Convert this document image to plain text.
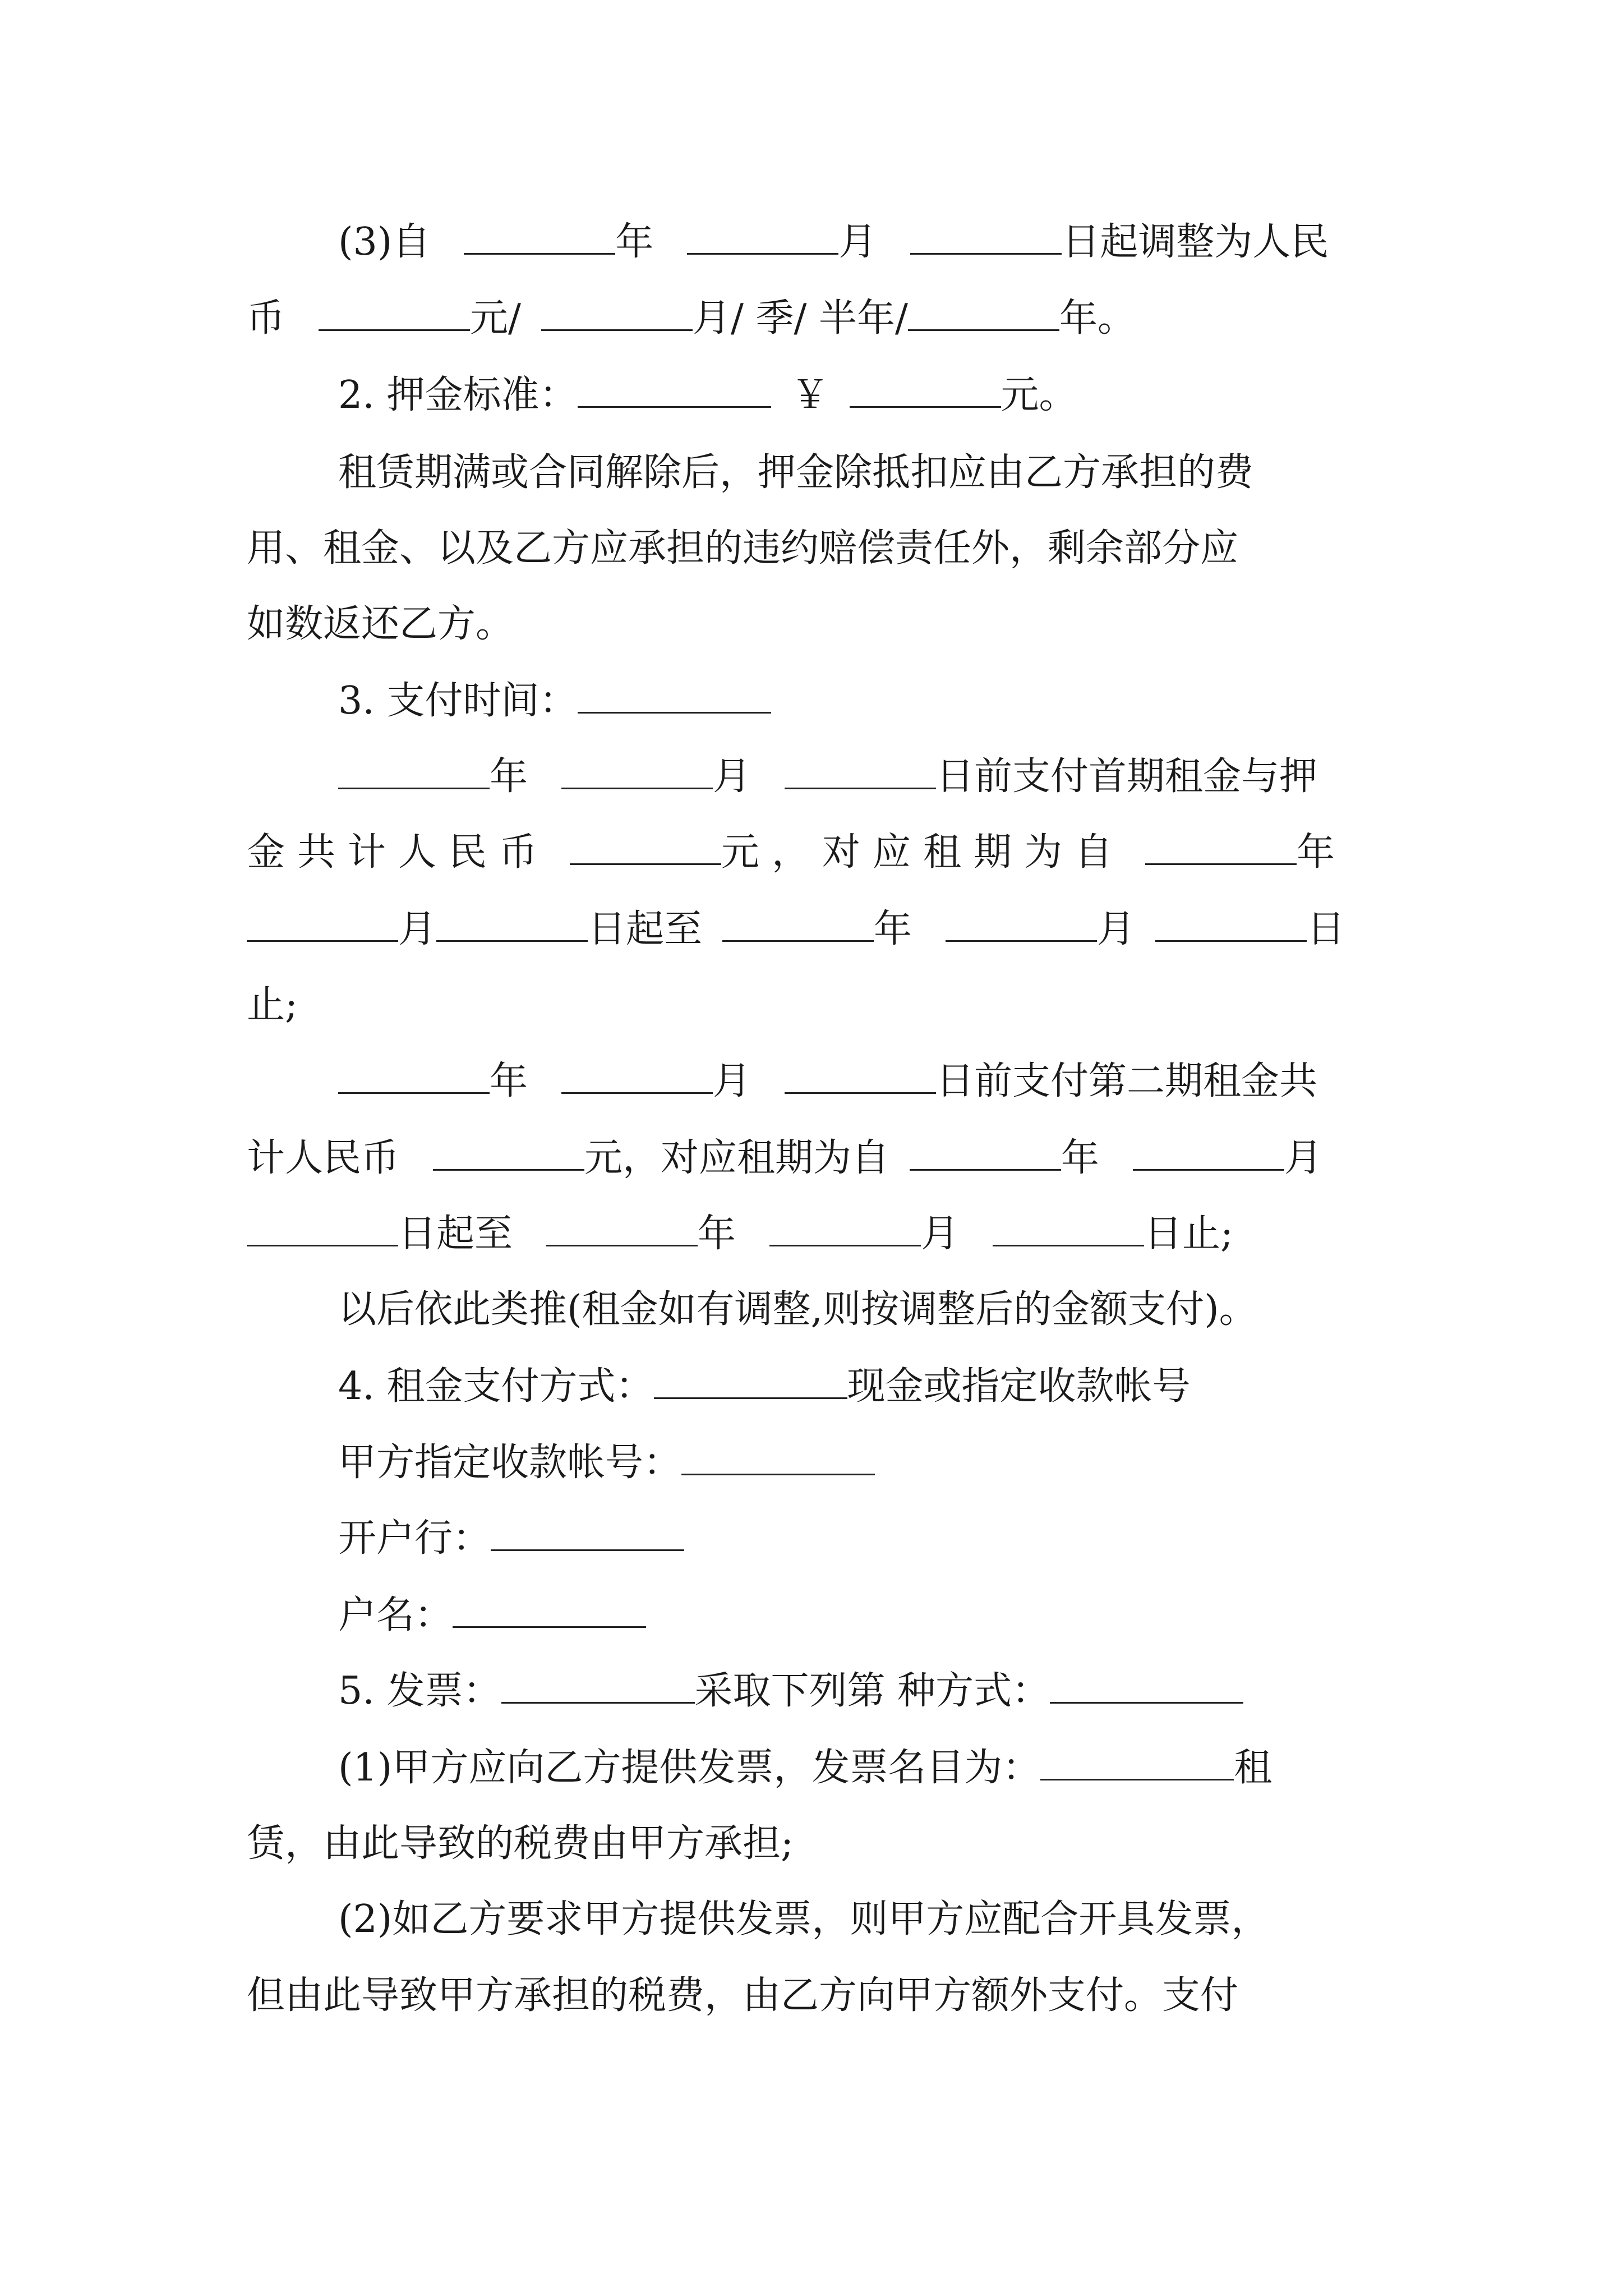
(3)自	年	月	日起调整为人民
币	元/	月/ 季/ 半年/	年。
2. 押金标准：	￥	元。
租赁期满或合同解除后，押金除抵扣应由乙方承担的费
用、租金、以及乙方应承担的违约赔偿责任外，剩余部分应
如数返还乙方。
3. 支付时间：
年	月	日前支付首期租金与押
金共计人民币	元，对应租期为自	年
月	日起至	年	月	日
止;
年	月	日前支付第二期租金共
计人民币	元，对应租期为自	年	月
日起至	年	月	日止;
以后依此类推(租金如有调整,则按调整后的金额支付)。
4. 租金支付方式：	现金或指定收款帐号
甲方指定收款帐号：
开户行：
户名：
5. 发票：	采取下列第 种方式：
(1)甲方应向乙方提供发票，发票名目为：	租
赁，由此导致的税费由甲方承担;
(2)如乙方要求甲方提供发票，则甲方应配合开具发票，
但由此导致甲方承担的税费，由乙方向甲方额外支付。支付
